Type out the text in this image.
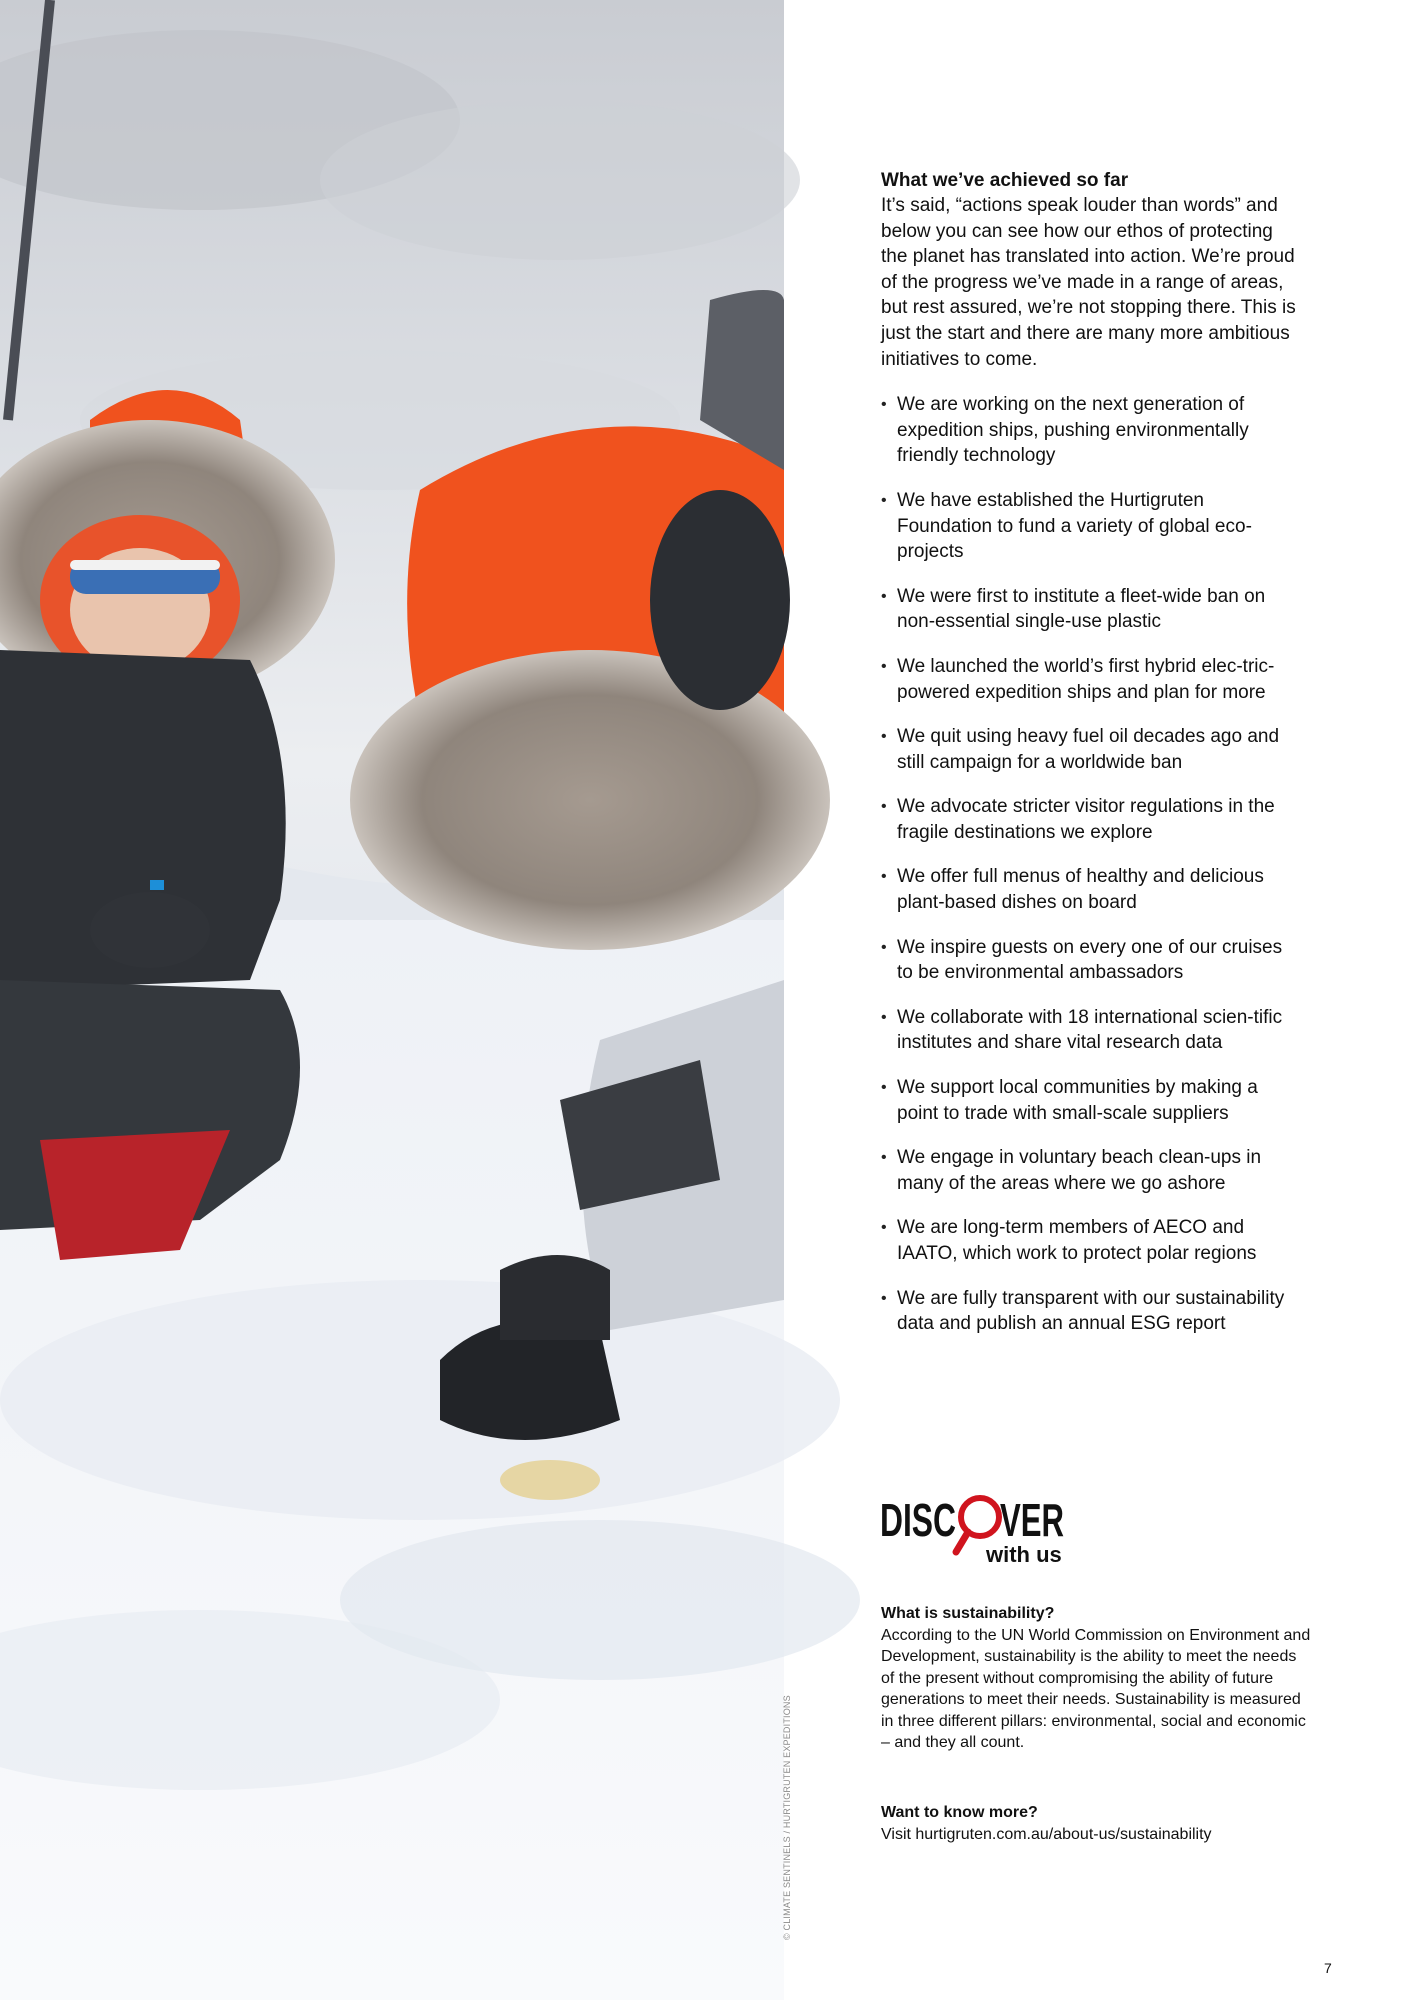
© CLIMATE SENTINELS / HURTIGRUTEN EXPEDITIONS

What we’ve achieved so far

It’s said, “actions speak louder than words” and below you can see how our ethos of protecting the planet has translated into action. We’re proud of the progress we’ve made in a range of areas, but rest assured, we’re not stopping there. This is just the start and there are many more ambitious initiatives to come.

• We are working on the next generation of expedition ships, pushing environmentally friendly technology
• We have established the Hurtigruten Foundation to fund a variety of global eco-projects
• We were first to institute a fleet-wide ban on non-essential single-use plastic
• We launched the world’s first hybrid elec-tric-powered expedition ships and plan for more
• We quit using heavy fuel oil decades ago and still campaign for a worldwide ban
• We advocate stricter visitor regulations in the fragile destinations we explore
• We offer full menus of healthy and delicious plant-based dishes on board
• We inspire guests on every one of our cruises to be environmental ambassadors
• We collaborate with 18 international scien-tific institutes and share vital research data
• We support local communities by making a point to trade with small-scale suppliers
• We engage in voluntary beach clean-ups in many of the areas where we go ashore
• We are long-term members of AECO and IAATO, which work to protect polar regions
• We are fully transparent with our sustainability data and publish an annual ESG report
DISC VER
with us

What is sustainability?

According to the UN World Commission on Environment and Development, sustainability is the ability to meet the needs of the present without compromising the ability of future generations to meet their needs. Sustainability is measured in three different pillars: environmental, social and economic – and they all count.

Want to know more?

Visit hurtigruten.com.au/about-us/sustainability

7
